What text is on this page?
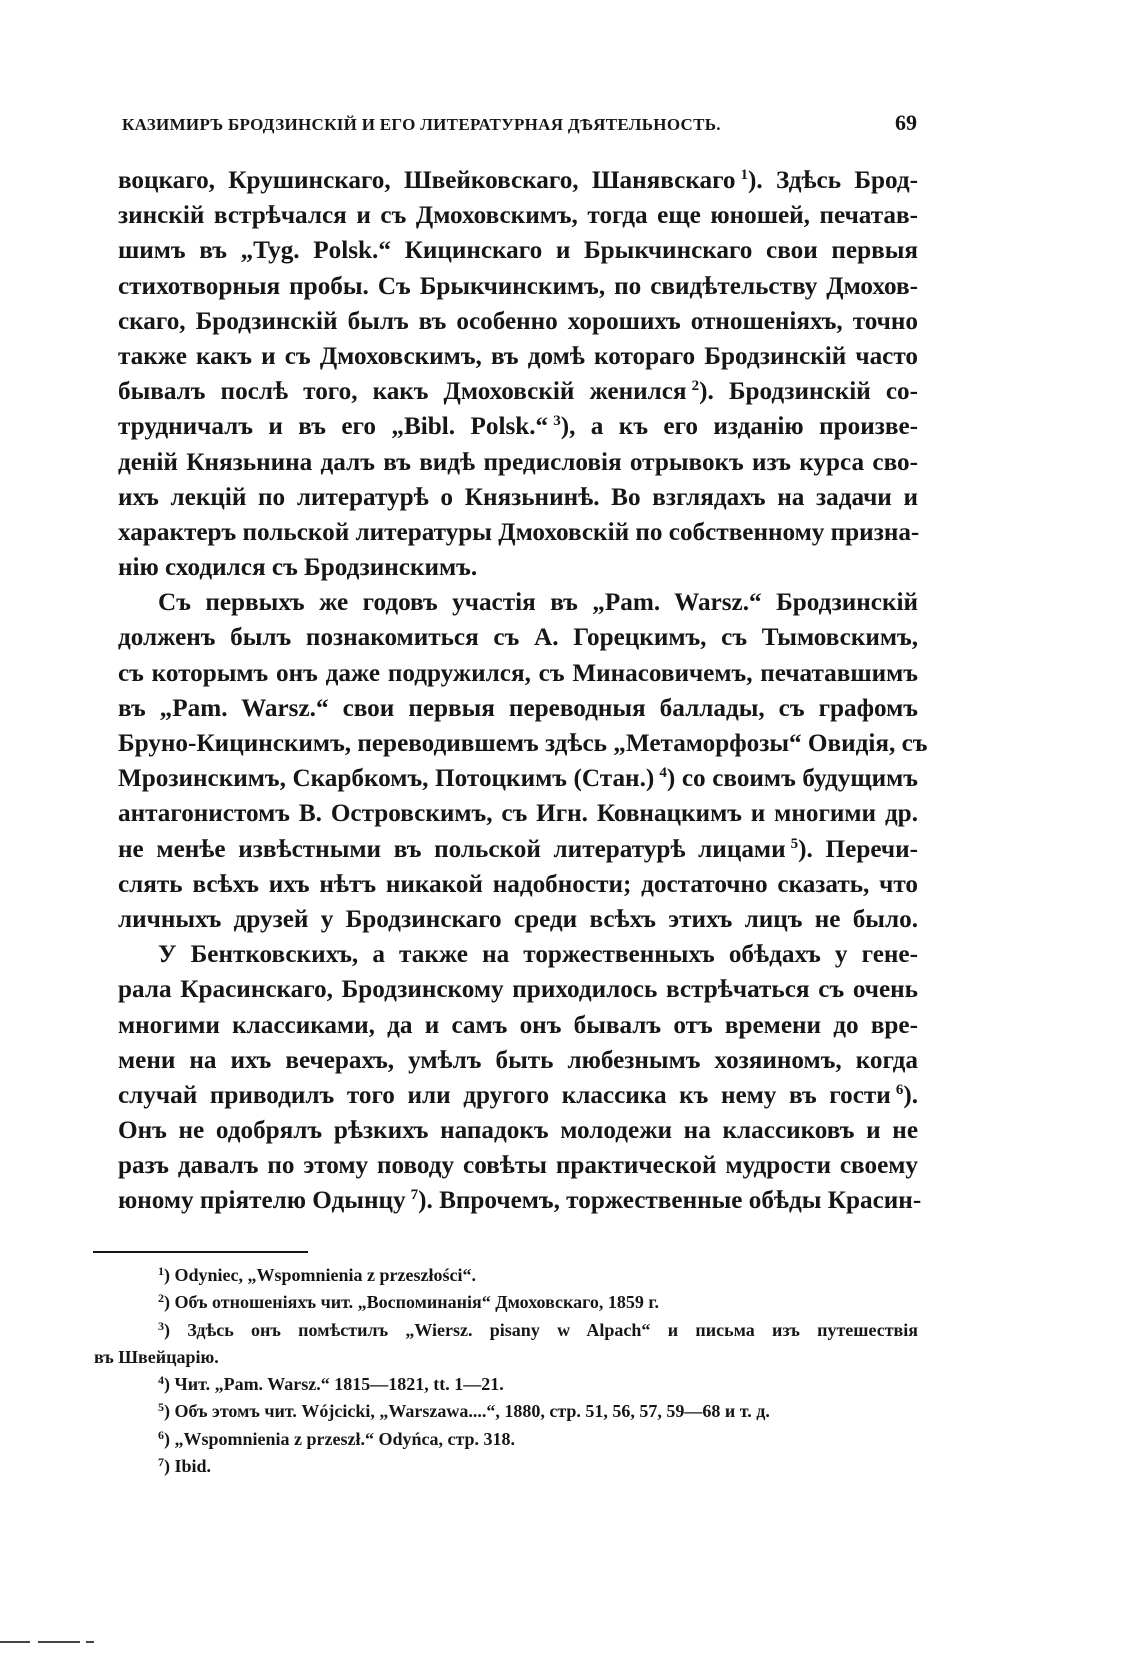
КАЗИМИРЪ БРОДЗИНСКІЙ И ЕГО ЛИТЕРАТУРНАЯ ДѢЯТЕЛЬНОСТЬ.	69
воцкаго, Крушинскаго, Швейковскаго, Шанявскаго  $^1$). Здѣсь Брод-
зинскій встрѣчался и съ Дмоховскимъ, тогда еще юношей, печатав-
шимъ въ „Tyg. Polsk.“ Кицинскаго и Брыкчинскаго свои первыя
стихотворныя пробы. Съ Брыкчинскимъ, по свидѣтельству Дмохов-
скаго, Бродзинскій былъ въ особенно хорошихъ отношеніяхъ, точно
также какъ и съ Дмоховскимъ, въ домѣ котораго Бродзинскій часто
бывалъ послѣ того, какъ Дмоховскій женился  $^2$). Бродзинскій со-
трудничалъ и въ его „Bibl. Polsk.“  $^3$), а къ его изданію произве-
деній Князьнина далъ въ видѣ предисловія отрывокъ изъ курса сво-
ихъ лекцій по литературѣ о Князьнинѣ. Во взглядахъ на задачи и
характеръ польской литературы Дмоховскій по собственному призна-
нію сходился съ Бродзинскимъ.
Съ первыхъ же годовъ участія въ „Pam. Warsz.“ Бродзинскій
долженъ былъ познакомиться съ А. Горецкимъ, съ Тымовскимъ,
съ которымъ онъ даже подружился, съ Минасовичемъ, печатавшимъ
въ „Pam. Warsz.“ свои первыя переводныя баллады, съ графомъ
Бруно-Кицинскимъ, переводившемъ здѣсь „Метаморфозы“ Овидія, съ
Мрозинскимъ, Скарбкомъ, Потоцкимъ (Стан.)  $^4$) со своимъ будущимъ
антагонистомъ В. Островскимъ, съ Игн. Ковнацкимъ и многими др.
не менѣе извѣстными въ польской литературѣ лицами  $^5$). Перечи-
слять всѣхъ ихъ нѣтъ никакой надобности; достаточно сказать, что
личныхъ друзей у Бродзинскаго среди всѣхъ этихъ лицъ не было.
У Бентковскихъ, а также на торжественныхъ обѣдахъ у гене-
рала Красинскаго, Бродзинскому приходилось встрѣчаться съ очень
многими классиками, да и самъ онъ бывалъ отъ времени до вре-
мени на ихъ вечерахъ, умѣлъ быть любезнымъ хозяиномъ, когда
случай приводилъ того или другого классика къ нему въ гости  $^6$).
Онъ не одобрялъ рѣзкихъ нападокъ молодежи на классиковъ и не
разъ давалъ по этому поводу совѣты практической мудрости своему
юному пріятелю Одынцу  $^7$). Впрочемъ, торжественные обѣды Красин-
$^1$) Odyniec, „Wspomnienia z przeszłości“.
$^2$) Объ отношеніяхъ чит. „Воспоминанія“ Дмоховскаго, 1859 г.
$^3$) Здѣсь онъ помѣстилъ „Wiersz. pisany w Alpach“ и письма изъ путешествія
въ Швейцарію.
$^4$) Чит. „Pam. Warsz.“ 1815—1821, tt. 1—21.
$^5$) Объ этомъ чит. Wójcicki, „Warszawa....“, 1880, стр. 51, 56, 57, 59—68 и т. д.
$^6$) „Wspomnienia z przeszł.“ Odyńca, стр. 318.
$^7$) Ibid.
